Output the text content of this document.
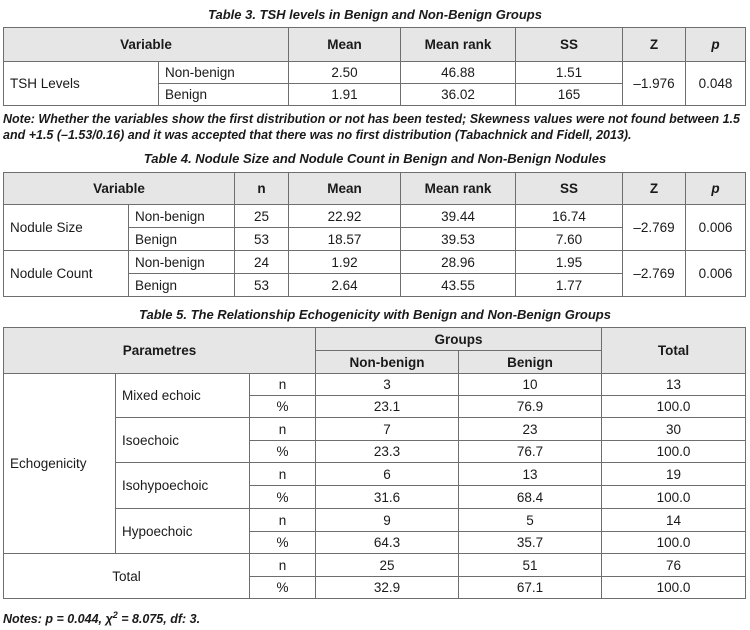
Table 3. TSH levels in Benign and Non-Benign Groups
Variable		Mean	Mean rank	SS	Z	p
TSH Levels	Non-benign	2.50	46.88	1.51	–1.976	0.048
	Benign	1.91	36.02	165		
Note: Whether the variables show the first distribution or not has been tested; Skewness values were not found between 1.5 and +1.5 (–1.53/0.16) and it was accepted that there was no first distribution (Tabachnick and Fidell, 2013).
Table 4. Nodule Size and Nodule Count in Benign and Non-Benign Nodules
Variable		n	Mean	Mean rank	SS	Z	p
Nodule Size	Non-benign	25	22.92	39.44	16.74	–2.769	0.006
	Benign	53	18.57	39.53	7.60		
Nodule Count	Non-benign	24	1.92	28.96	1.95	–2.769	0.006
	Benign	53	2.64	43.55	1.77		
Table 5. The Relationship Echogenicity with Benign and Non-Benign Groups
Parametres			Groups		Total
			Non-benign	Benign	
Echogenicity	Mixed echoic	n	3	10	13
		%	23.1	76.9	100.0
	Isoechoic	n	7	23	30
		%	23.3	76.7	100.0
	Isohypoechoic	n	6	13	19
		%	31.6	68.4	100.0
	Hypoechoic	n	9	5	14
		%	64.3	35.7	100.0
Total		n	25	51	76
		%	32.9	67.1	100.0
Notes: p = 0.044, $\chi^2 = 8.075$, df: 3.
